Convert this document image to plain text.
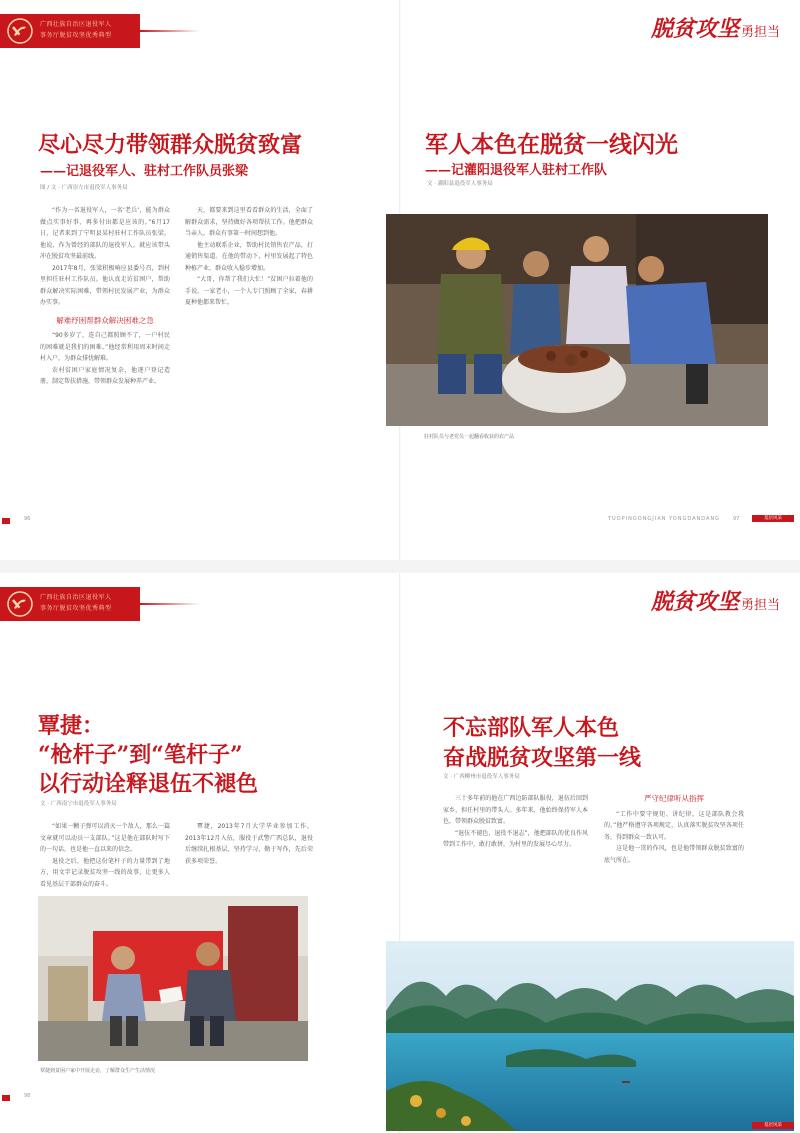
广西壮族自治区退役军人
事务厅脱贫攻坚优秀典型	脱贫攻坚 勇担当
尽心尽力带领群众脱贫致富
——记退役军人、驻村工作队员张梁
图 / 文 · 广西崇左市退役军人事务局

“作为一名退役军人，一名‘老兵’，能为群众做点实事好事，再多付出都是应该的。”6月17日，记者来到了宁明县某村驻村工作队员张梁，他说，作为曾经的部队的退役军人，就应该带头冲在脱贫攻坚最前线。

2017年8月，张梁积极响应县委号召，到村里担任驻村工作队员。他认真走访贫困户，帮助群众解决实际困难，带领村民发展产业，为群众办实事。

解难纾困帮群众解决困难之急

“90多岁了，连自己都照顾不了，一户村民的困难就是我们的困难。”他经常利用周末时间走村入户，为群众排忧解难。

农村贫困户家庭情况复杂，他逐户登记造册，制定帮扶措施，带领群众发展种养产业。

天，都要来到这里看看群众的生活，全面了解群众需求，坚持做好各项帮扶工作。他把群众当亲人，群众有事第一时间想到他。

他主动联系企业，帮助村民销售农产品，打通销售渠道。在他的带动下，村里发展起了特色种植产业，群众收入稳步增加。

“大哥，你帮了我们大忙！”贫困户拉着他的手说。一家老小，一个人专门照顾了全家，春耕夏种他都来帮忙。

军人本色在脱贫一线闪光
——记灌阳退役军人驻村工作队
文 · 灌阳县退役军人事务局
驻村队员与老党员一起翻看收获的农产品
96	TUOPINGONGJIAN YONGDANDANG	97	基层风采
广西壮族自治区退役军人
事务厅脱贫攻坚优秀典型	脱贫攻坚 勇担当
覃捷：
“枪杆子”到“笔杆子”
以行动诠释退伍不褪色
文 · 广西南宁市退役军人事务局

“如果一颗子弹可以消灭一个敌人，那么一篇文章就可以动员一支部队。”这是他在部队时写下的一句话，也是他一直以来的信念。

退役之后，他把这份笔杆子的力量带到了地方，用文字记录脱贫攻坚一线的故事，让更多人看见基层干部群众的奋斗。

覃捷，2013年7月大学毕业参加工作，2013年12月入伍，服役于武警广西总队，退役后继续扎根基层，坚持学习，勤于写作，先后荣获多项荣誉。

覃捷到贫困户家中开展走访，了解群众生产生活情况
不忘部队军人本色
奋战脱贫攻坚第一线
文 · 广西柳州市退役军人事务局

三十多年前的他在广西边防部队服役，退伍后回到家乡，担任村里的带头人。多年来，他始终保持军人本色，带领群众脱贫致富。

“退伍不褪色，退役不退志”，他把部队的优良作风带到工作中，敢打敢拼，为村里的发展尽心尽力。

严守纪律听从指挥

“工作中要守规矩、讲纪律，这是部队教会我的。”他严格遵守各项规定，认真落实脱贫攻坚各项任务，得到群众一致认可。

这是他一贯的作风，也是他带领群众脱贫致富的底气所在。

98
基层风采
